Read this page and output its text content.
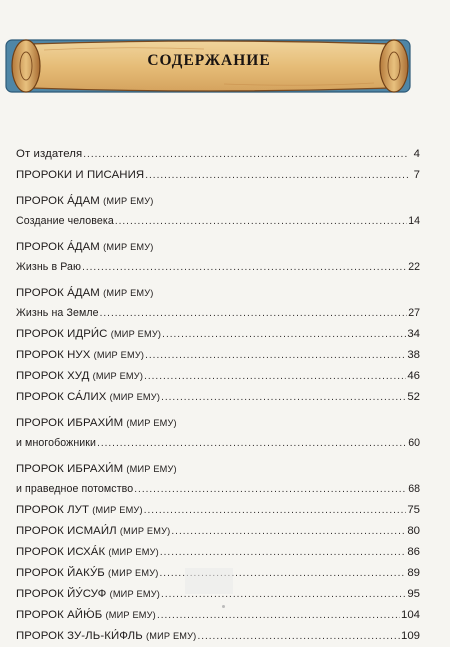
СОДЕРЖАНИЕ
От издателя .....	4
ПРОРОКИ И ПИСАНИЯ .....	7
ПРОРОК А́ДАМ
(МИР ЕМУ)
Создание человека .....	14
ПРОРОК А́ДАМ
(МИР ЕМУ)
Жизнь в Раю .....	22
ПРОРОК А́ДАМ
(МИР ЕМУ)
Жизнь на Земле .....	27
ПРОРОК ИДРИ́С
(МИР ЕМУ) .....	34
ПРОРОК НУХ
(МИР ЕМУ) .....	38
ПРОРОК ХУД
(МИР ЕМУ) .....	46
ПРОРОК СА́ЛИХ
(МИР ЕМУ) .....	52
ПРОРОК ИБРАХИ́М
(МИР ЕМУ)
и многобожники .....	60
ПРОРОК ИБРАХИ́М
(МИР ЕМУ)
и праведное потомство .....	68
ПРОРОК ЛУТ
(МИР ЕМУ) .....	75
ПРОРОК ИСМАИ́Л
(МИР ЕМУ) .....	80
ПРОРОК ИСХА́К
(МИР ЕМУ) .....	86
ПРОРОК ЙАКУ́Б
(МИР ЕМУ) .....	89
ПРОРОК ЙУ́СУФ
(МИР ЕМУ) .....	95
ПРОРОК АЙЮ́Б
(МИР ЕМУ) .....	104
ПРОРОК ЗУ-ЛЬ-КИ́ФЛЬ
(МИР ЕМУ) .....	109
